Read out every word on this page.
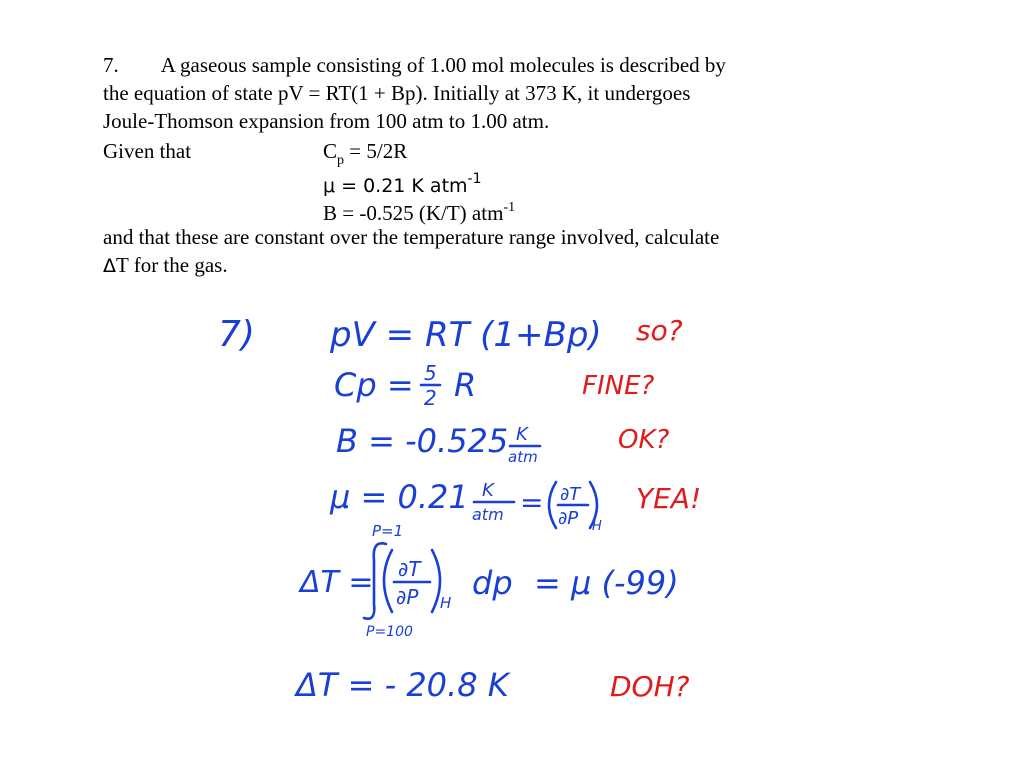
7. A gaseous sample consisting of 1.00 mol molecules is described by
the equation of state pV = RT(1 + Bp). Initially at 373 K, it undergoes
Joule-Thomson expansion from 100 atm to 1.00 atm.
Given that	$C_p = 5/2R$
μ = 0.21 K atm$^{-1}$
B = -0.525 (K/T) atm$^{-1}$
and that these are constant over the temperature range involved, calculate
ΔT for the gas.
7) pV = RT (1+Bp) so?
Cp = 5
2 R	FINE?
B = -0.525 K
atm
OK?
μ = 0.21 K
atm = ∂T
∂P H
YEA!
P=1
ΔT = ∂T
∂P H
dp = μ (-99)
P=100
ΔT = - 20.8 K	DOH?
